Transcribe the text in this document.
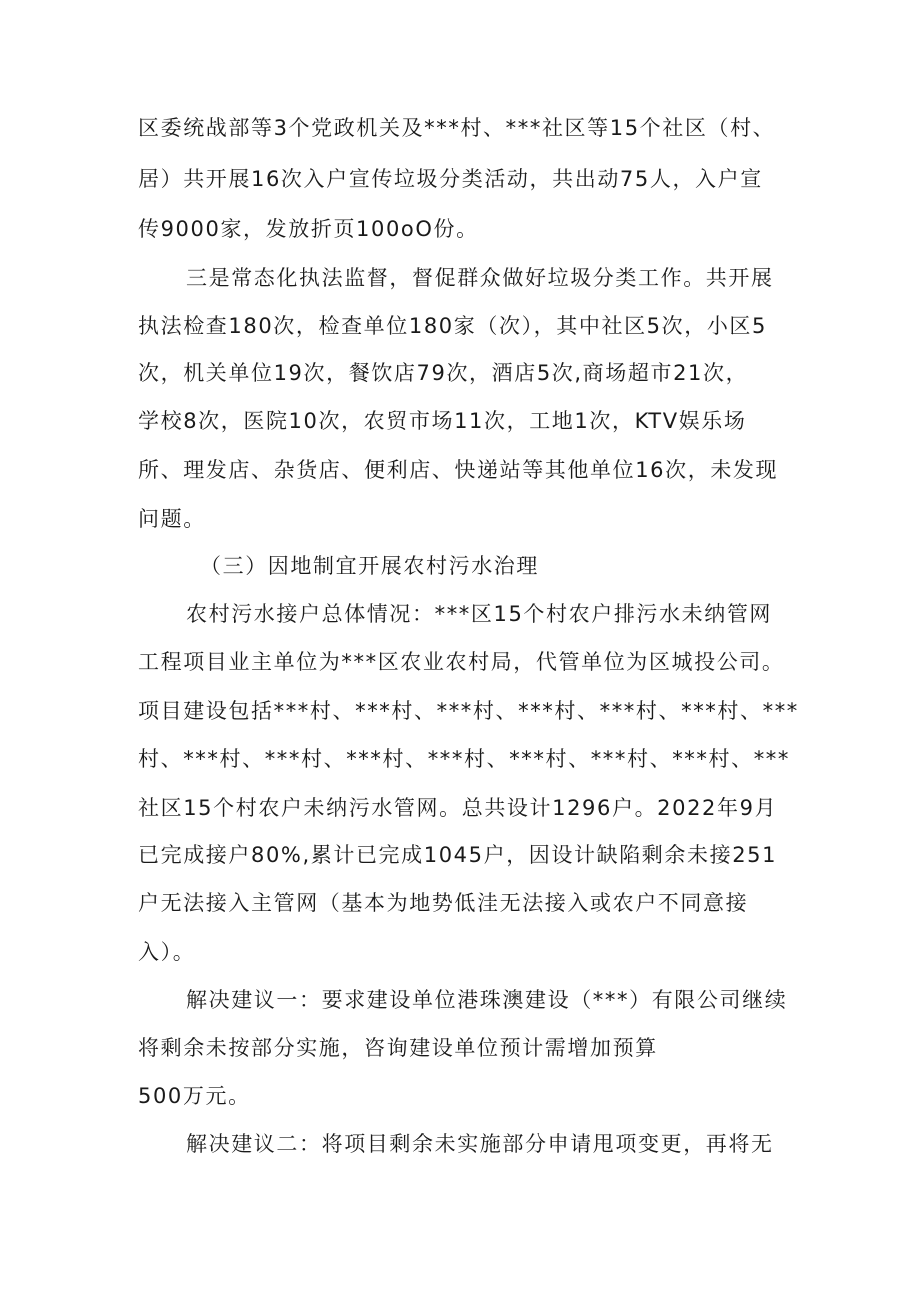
区委统战部等3个党政机关及***村、***社区等15个社区（村、
居）共开展16次入户宣传垃圾分类活动，共出动75人，入户宣
传9000家，发放折页100oO份。
三是常态化执法监督，督促群众做好垃圾分类工作。共开展
执法检查180次，检查单位180家（次），其中社区5次，小区5
次，机关单位19次，餐饮店79次，酒店5次,商场超市21次，
学校8次，医院10次，农贸市场11次，工地1次，KTV娱乐场
所、理发店、杂货店、便利店、快递站等其他单位16次，未发现
问题。
（三）因地制宜开展农村污水治理
农村污水接户总体情况：***区15个村农户排污水未纳管网
工程项目业主单位为***区农业农村局，代管单位为区城投公司。
项目建设包括***村、***村、***村、***村、***村、***村、***
村、***村、***村、***村、***村、***村、***村、***村、***
社区15个村农户未纳污水管网。总共设计1296户。2022年9月
已完成接户80%,累计已完成1045户，因设计缺陷剩余未接251
户无法接入主管网（基本为地势低洼无法接入或农户不同意接
入）。
解决建议一：要求建设单位港珠澳建设（***）有限公司继续
将剩余未按部分实施，咨询建设单位预计需增加预算
500万元。
解决建议二：将项目剩余未实施部分申请甩项变更，再将无
